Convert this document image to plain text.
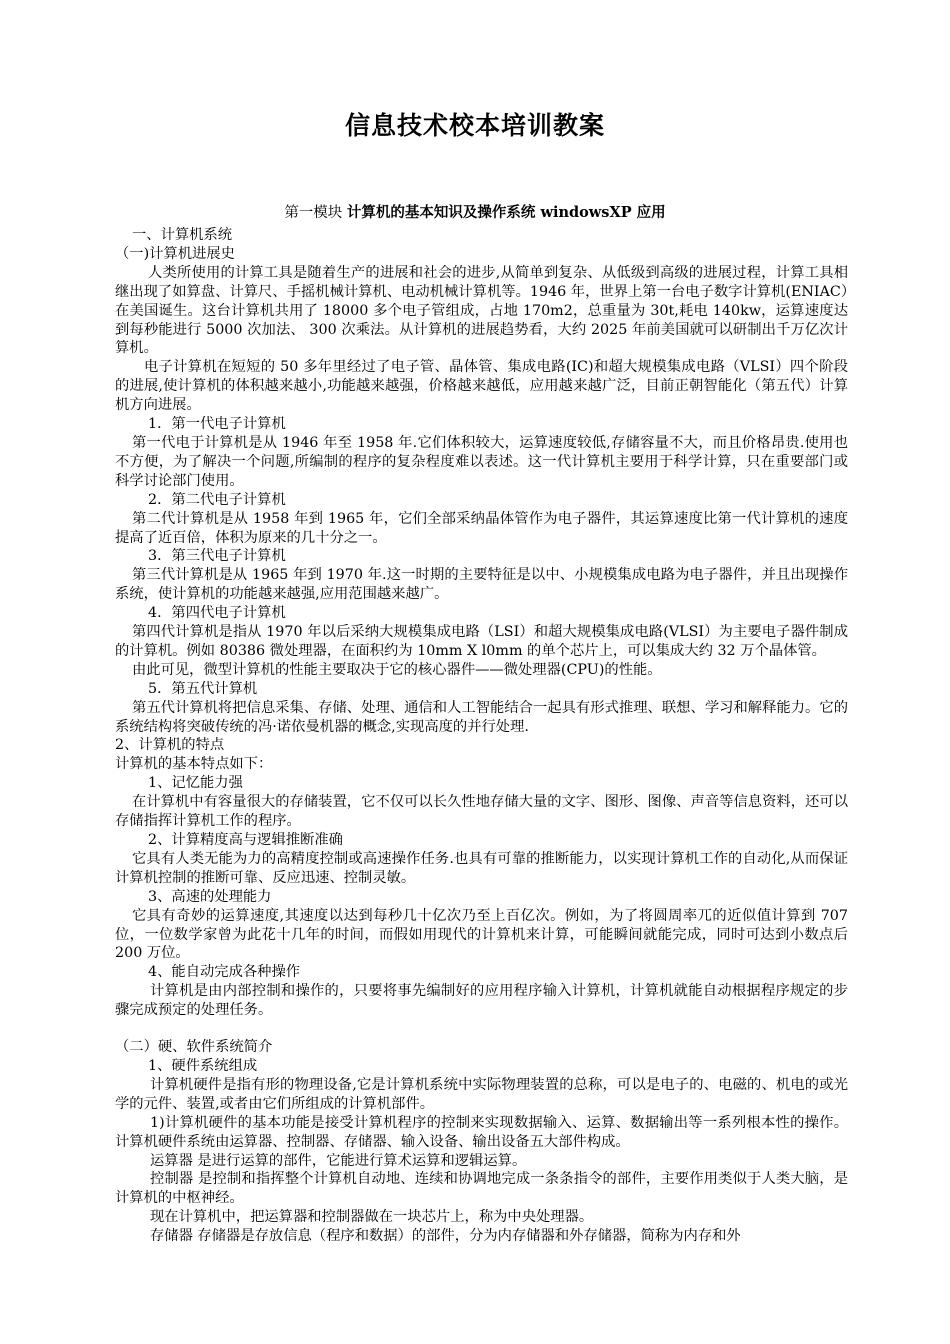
信息技术校本培训教案
第一模块 计算机的基本知识及操作系统 windowsXP 应用

一、计算机系统

（一)计算机进展史

人类所使用的计算工具是随着生产的进展和社会的进步,从简单到复杂、从低级到高级的进展过程，计算工具相继出现了如算盘、计算尺、手摇机械计算机、电动机械计算机等。1946 年，世界上第一台电子数字计算机(ENIAC）在美国诞生。这台计算机共用了 18000 多个电子管组成，占地 170m2，总重量为 30t,耗电 140kw，运算速度达到每秒能进行 5000 次加法、 300 次乘法。从计算机的进展趋势看，大约 2025 年前美国就可以研制出千万亿次计算机。

电子计算机在短短的 50 多年里经过了电子管、晶体管、集成电路(IC)和超大规模集成电路（VLSI）四个阶段的进展,使计算机的体积越来越小,功能越来越强，价格越来越低，应用越来越广泛，目前正朝智能化（第五代）计算机方向进展。

1．第一代电子计算机

第一代电于计算机是从 1946 年至 1958 年.它们体积较大，运算速度较低,存储容量不大，而且价格昂贵.使用也不方便，为了解决一个问题,所编制的程序的复杂程度难以表述。这一代计算机主要用于科学计算，只在重要部门或科学讨论部门使用。

2．第二代电子计算机

第二代计算机是从 1958 年到 1965 年，它们全部采纳晶体管作为电子器件，其运算速度比第一代计算机的速度提高了近百倍，体积为原来的几十分之一。

3．第三代电子计算机

第三代计算机是从 1965 年到 1970 年.这一时期的主要特征是以中、小规模集成电路为电子器件，并且出现操作系统，使计算机的功能越来越强,应用范围越来越广。

4．第四代电子计算机

第四代计算机是指从 1970 年以后采纳大规模集成电路（LSI）和超大规模集成电路(VLSI）为主要电子器件制成的计算机。例如 80386 微处理器，在面积约为 10mm X l0mm 的单个芯片上，可以集成大约 32 万个晶体管。

由此可见，微型计算机的性能主要取决于它的核心器件——微处理器(CPU)的性能。

5．第五代计算机

第五代计算机将把信息采集、存储、处理、通信和人工智能结合一起具有形式推理、联想、学习和解释能力。它的系统结构将突破传统的冯·诺依曼机器的概念,实现高度的并行处理.

2、计算机的特点

计算机的基本特点如下：

1、记忆能力强

在计算机中有容量很大的存储装置，它不仅可以长久性地存储大量的文字、图形、图像、声音等信息资料，还可以存储指挥计算机工作的程序。

2、计算精度高与逻辑推断准确

它具有人类无能为力的高精度控制或高速操作任务.也具有可靠的推断能力，以实现计算机工作的自动化,从而保证计算机控制的推断可靠、反应迅速、控制灵敏。

3、高速的处理能力

它具有奇妙的运算速度,其速度以达到每秒几十亿次乃至上百亿次。例如，为了将圆周率兀的近似值计算到 707 位，一位数学家曾为此花十几年的时间，而假如用现代的计算机来计算，可能瞬间就能完成，同时可达到小数点后 200 万位。

4、能自动完成各种操作

计算机是由内部控制和操作的，只要将事先编制好的应用程序输入计算机，计算机就能自动根据程序规定的步骤完成预定的处理任务。

（二）硬、软件系统简介

1、硬件系统组成

计算机硬件是指有形的物理设备,它是计算机系统中实际物理装置的总称，可以是电子的、电磁的、机电的或光学的元件、装置,或者由它们所组成的计算机部件。

1)计算机硬件的基本功能是接受计算机程序的控制来实现数据输入、运算、数据输出等一系列根本性的操作。计算机硬件系统由运算器、控制器、存储器、输入设备、输出设备五大部件构成。

运算器 是进行运算的部件，它能进行算术运算和逻辑运算。

控制器 是控制和指挥整个计算机自动地、连续和协调地完成一条条指令的部件，主要作用类似于人类大脑，是计算机的中枢神经。

现在计算机中，把运算器和控制器做在一块芯片上，称为中央处理器。

存储器 存储器是存放信息（程序和数据）的部件，分为内存储器和外存储器，简称为内存和外
